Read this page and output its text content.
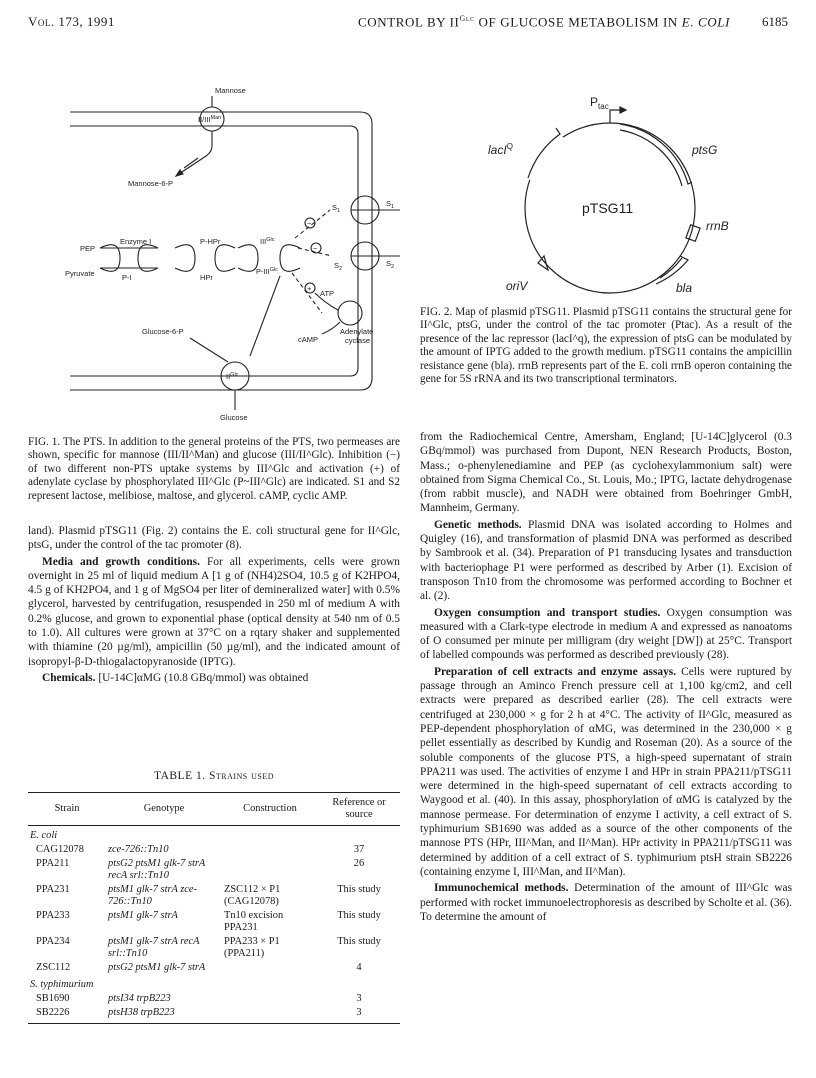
Vol. 173, 1991	CONTROL BY $II^{Glc}$ OF GLUCOSE METABOLISM IN E. COLI 6185
Mannose
$II/III^{Man}$
Mannose-6-P
PEP
Enzyme I	P-HPr	$III^{Glc}$
Pyruvate	P-I	HPr
$P-III^{Glc}$
$S_1$
$S_1$
$S_2$
$S_2$
ATP
Adenylate
cyclase
cAMP
Glucose-6-P
$II^{Glc}$
Glucose
−
−
+
FIG. 1. The PTS. In addition to the general proteins of the PTS, two permeases are shown, specific for mannose (III/II^Man) and glucose (III/II^Glc). Inhibition (−) of two different non-PTS uptake systems by III^Glc and activation (+) of adenylate cyclase by phosphorylated III^Glc (P~III^Glc) are indicated. S1 and S2 represent lactose, melibiose, maltose, and glycerol. cAMP, cyclic AMP.

land). Plasmid pTSG11 (Fig. 2) contains the E. coli structural gene for II^Glc, ptsG, under the control of the tac promoter (8).

Media and growth conditions. For all experiments, cells were grown overnight in 25 ml of liquid medium A [1 g of (NH4)2SO4, 10.5 g of K2HPO4, 4.5 g of KH2PO4, and 1 g of MgSO4 per liter of demineralized water] with 0.5% glycerol, harvested by centrifugation, resuspended in 250 ml of medium A with 0.2% glucose, and grown to exponential phase (optical density at 540 nm of 0.5 to 1.0). All cultures were grown at 37°C on a rqtary shaker and supplemented with thiamine (20 µg/ml), ampicillin (50 µg/ml), and the indicated amount of isopropyl-β-D-thiogalactopyranoside (IPTG).

Chemicals. [U-14C]αMG (10.8 GBq/mmol) was obtained

TABLE 1. Strains used
Strain	Genotype	Construction	Reference or source
E. coli			
CAG12078	zce-726::Tn10		37
PPA211	ptsG2 ptsM1 glk-7 strA recA srl::Tn10		26
PPA231	ptsM1 glk-7 strA zce-726::Tn10	ZSC112 × P1 (CAG12078)	This study
PPA233	ptsM1 glk-7 strA	Tn10 excision PPA231	This study
PPA234	ptsM1 glk-7 strA recA srl::Tn10	PPA233 × P1 (PPA211)	This study
ZSC112	ptsG2 ptsM1 glk-7 strA		4
S. typhimurium			
SB1690	ptsI34 trpB223		3
SB2226	ptsH38 trpB223		3
$P_{tac}$
lacI$^Q$	ptsG
pTSG11
rrnB
oriV	bla
FIG. 2. Map of plasmid pTSG11. Plasmid pTSG11 contains the structural gene for II^Glc, ptsG, under the control of the tac promoter (Ptac). As a result of the presence of the lac repressor (lacI^q), the expression of ptsG can be modulated by the amount of IPTG added to the growth medium. pTSG11 contains the ampicillin resistance gene (bla). rrnB represents part of the E. coli rrnB operon containing the gene for 5S rRNA and its two transcriptional terminators.

from the Radiochemical Centre, Amersham, England; [U-14C]glycerol (0.3 GBq/mmol) was purchased from Dupont, NEN Research Products, Boston, Mass.; o-phenylenediamine and PEP (as cyclohexylammonium salt) were obtained from Sigma Chemical Co., St. Louis, Mo.; IPTG, lactate dehydrogenase (from rabbit muscle), and NADH were obtained from Boehringer GmbH, Mannheim, Germany.

Genetic methods. Plasmid DNA was isolated according to Holmes and Quigley (16), and transformation of plasmid DNA was performed as described by Sambrook et al. (34). Preparation of P1 transducing lysates and transduction with bacteriophage P1 were performed as described by Arber (1). Excision of transposon Tn10 from the chromosome was performed according to Bochner et al. (2).

Oxygen consumption and transport studies. Oxygen consumption was measured with a Clark-type electrode in medium A and expressed as nanoatoms of O consumed per minute per milligram (dry weight [DW]) at 25°C. Transport of labelled compounds was performed as described previously (28).

Preparation of cell extracts and enzyme assays. Cells were ruptured by passage through an Aminco French pressure cell at 1,100 kg/cm2, and cell extracts were prepared as described earlier (28). The cell extracts were centrifuged at 230,000 × g for 2 h at 4°C. The activity of II^Glc, measured as PEP-dependent phosphorylation of αMG, was determined in the 230,000 × g pellet essentially as described by Kundig and Roseman (20). As a source of the soluble components of the glucose PTS, a high-speed supernatant of strain PPA211 was used. The activities of enzyme I and HPr in strain PPA211/pTSG11 were determined in the high-speed supernatant of cell extracts according to Waygood et al. (40). In this assay, phosphorylation of αMG is catalyzed by the mannose permease. For determination of enzyme I activity, a cell extract of S. typhimurium SB1690 was added as a source of the other components of the mannose PTS (HPr, III^Man, and II^Man). HPr activity in PPA211/pTSG11 was determined by addition of a cell extract of S. typhimurium ptsH strain SB2226 (containing enzyme I, III^Man, and II^Man).

Immunochemical methods. Determination of the amount of III^Glc was performed with rocket immunoelectrophoresis as described by Scholte et al. (36). To determine the amount of
